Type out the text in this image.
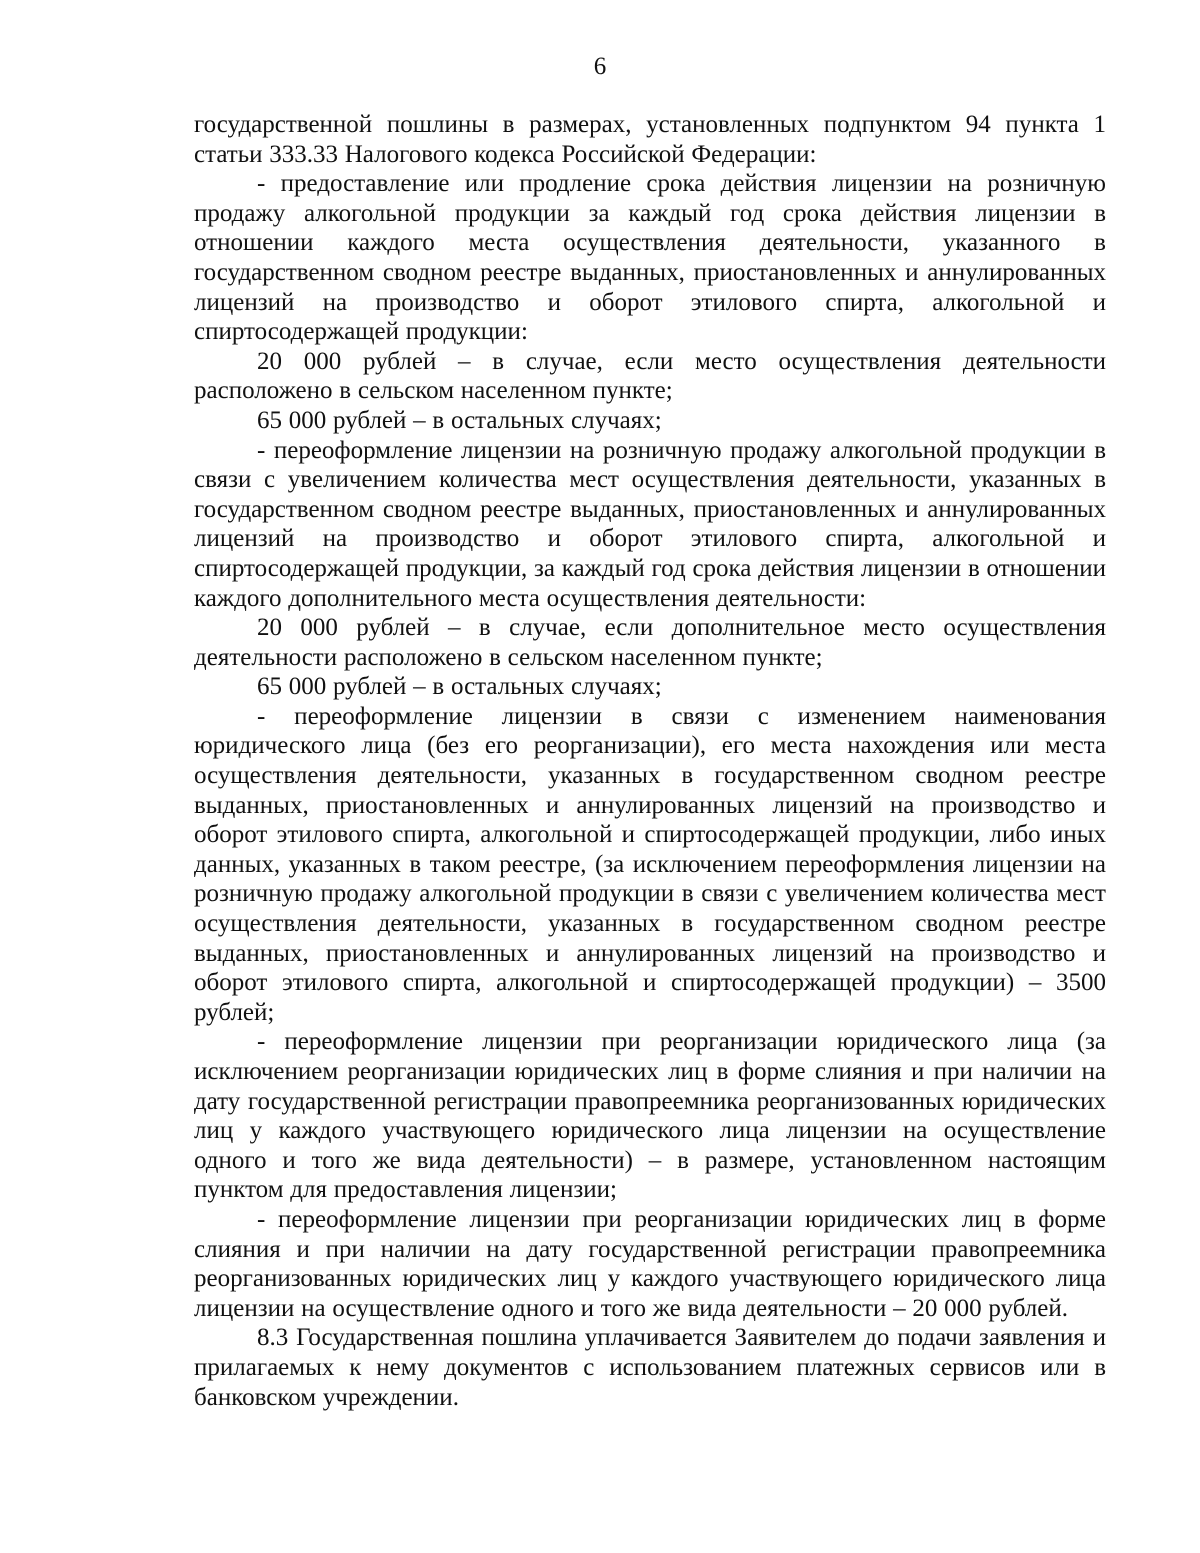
6

государственной пошлины в размерах, установленных подпунктом 94 пункта 1 статьи 333.33 Налогового кодекса Российской Федерации:

- предоставление или продление срока действия лицензии на розничную продажу алкогольной продукции за каждый год срока действия лицензии в отношении каждого места осуществления деятельности, указанного в государственном сводном реестре выданных, приостановленных и аннулированных лицензий на производство и оборот этилового спирта, алкогольной и спиртосодержащей продукции:

20 000 рублей – в случае, если место осуществления деятельности расположено в сельском населенном пункте;

65 000 рублей – в остальных случаях;

- переоформление лицензии на розничную продажу алкогольной продукции в связи с увеличением количества мест осуществления деятельности, указанных в государственном сводном реестре выданных, приостановленных и аннулированных лицензий на производство и оборот этилового спирта, алкогольной и спиртосодержащей продукции, за каждый год срока действия лицензии в отношении каждого дополнительного места осуществления деятельности:

20 000 рублей – в случае, если дополнительное место осуществления деятельности расположено в сельском населенном пункте;

65 000 рублей – в остальных случаях;

- переоформление лицензии в связи с изменением наименования юридического лица (без его реорганизации), его места нахождения или места осуществления деятельности, указанных в государственном сводном реестре выданных, приостановленных и аннулированных лицензий на производство и оборот этилового спирта, алкогольной и спиртосодержащей продукции, либо иных данных, указанных в таком реестре, (за исключением переоформления лицензии на розничную продажу алкогольной продукции в связи с увеличением количества мест осуществления деятельности, указанных в государственном сводном реестре выданных, приостановленных и аннулированных лицензий на производство и оборот этилового спирта, алкогольной и спиртосодержащей продукции) – 3500 рублей;

- переоформление лицензии при реорганизации юридического лица (за исключением реорганизации юридических лиц в форме слияния и при наличии на дату государственной регистрации правопреемника реорганизованных юридических лиц у каждого участвующего юридического лица лицензии на осуществление одного и того же вида деятельности) – в размере, установленном настоящим пунктом для предоставления лицензии;

- переоформление лицензии при реорганизации юридических лиц в форме слияния и при наличии на дату государственной регистрации правопреемника реорганизованных юридических лиц у каждого участвующего юридического лица лицензии на осуществление одного и того же вида деятельности – 20 000 рублей.

8.3 Государственная пошлина уплачивается Заявителем до подачи заявления и прилагаемых к нему документов с использованием платежных сервисов или в банковском учреждении.
